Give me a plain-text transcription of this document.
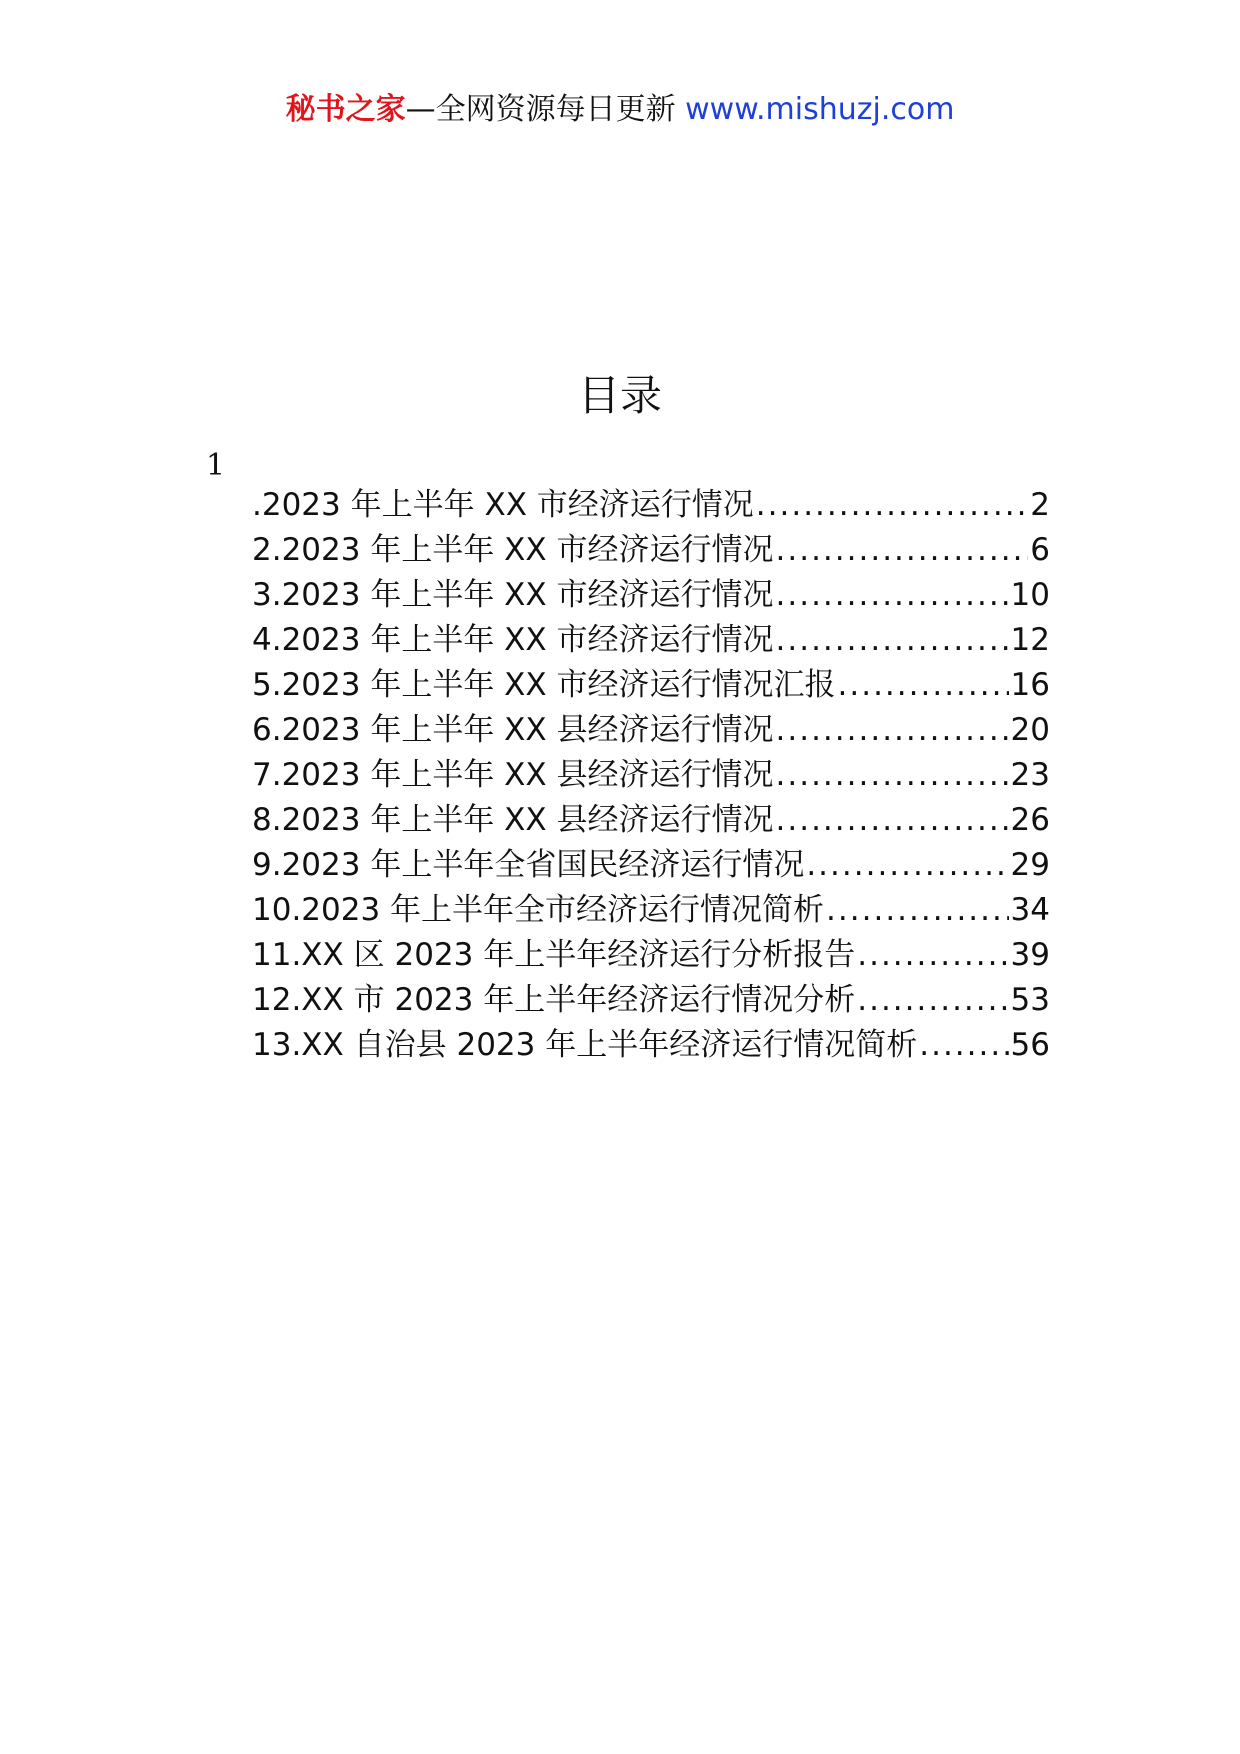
秘书之家—全网资源每日更新 www.mishuzj.com
目录
1
.2023 年上半年 XX 市经济运行情况 .....	2
2.2023 年上半年 XX 市经济运行情况 .....	6
3.2023 年上半年 XX 市经济运行情况 .....	10
4.2023 年上半年 XX 市经济运行情况 .....	12
5.2023 年上半年 XX 市经济运行情况汇报 .....	16
6.2023 年上半年 XX 县经济运行情况 .....	20
7.2023 年上半年 XX 县经济运行情况 .....	23
8.2023 年上半年 XX 县经济运行情况 .....	26
9.2023 年上半年全省国民经济运行情况 .....	29
10.2023 年上半年全市经济运行情况简析 .....	34
11.XX 区 2023 年上半年经济运行分析报告 .....	39
12.XX 市 2023 年上半年经济运行情况分析 .....	53
13.XX 自治县 2023 年上半年经济运行情况简析 .....	56
